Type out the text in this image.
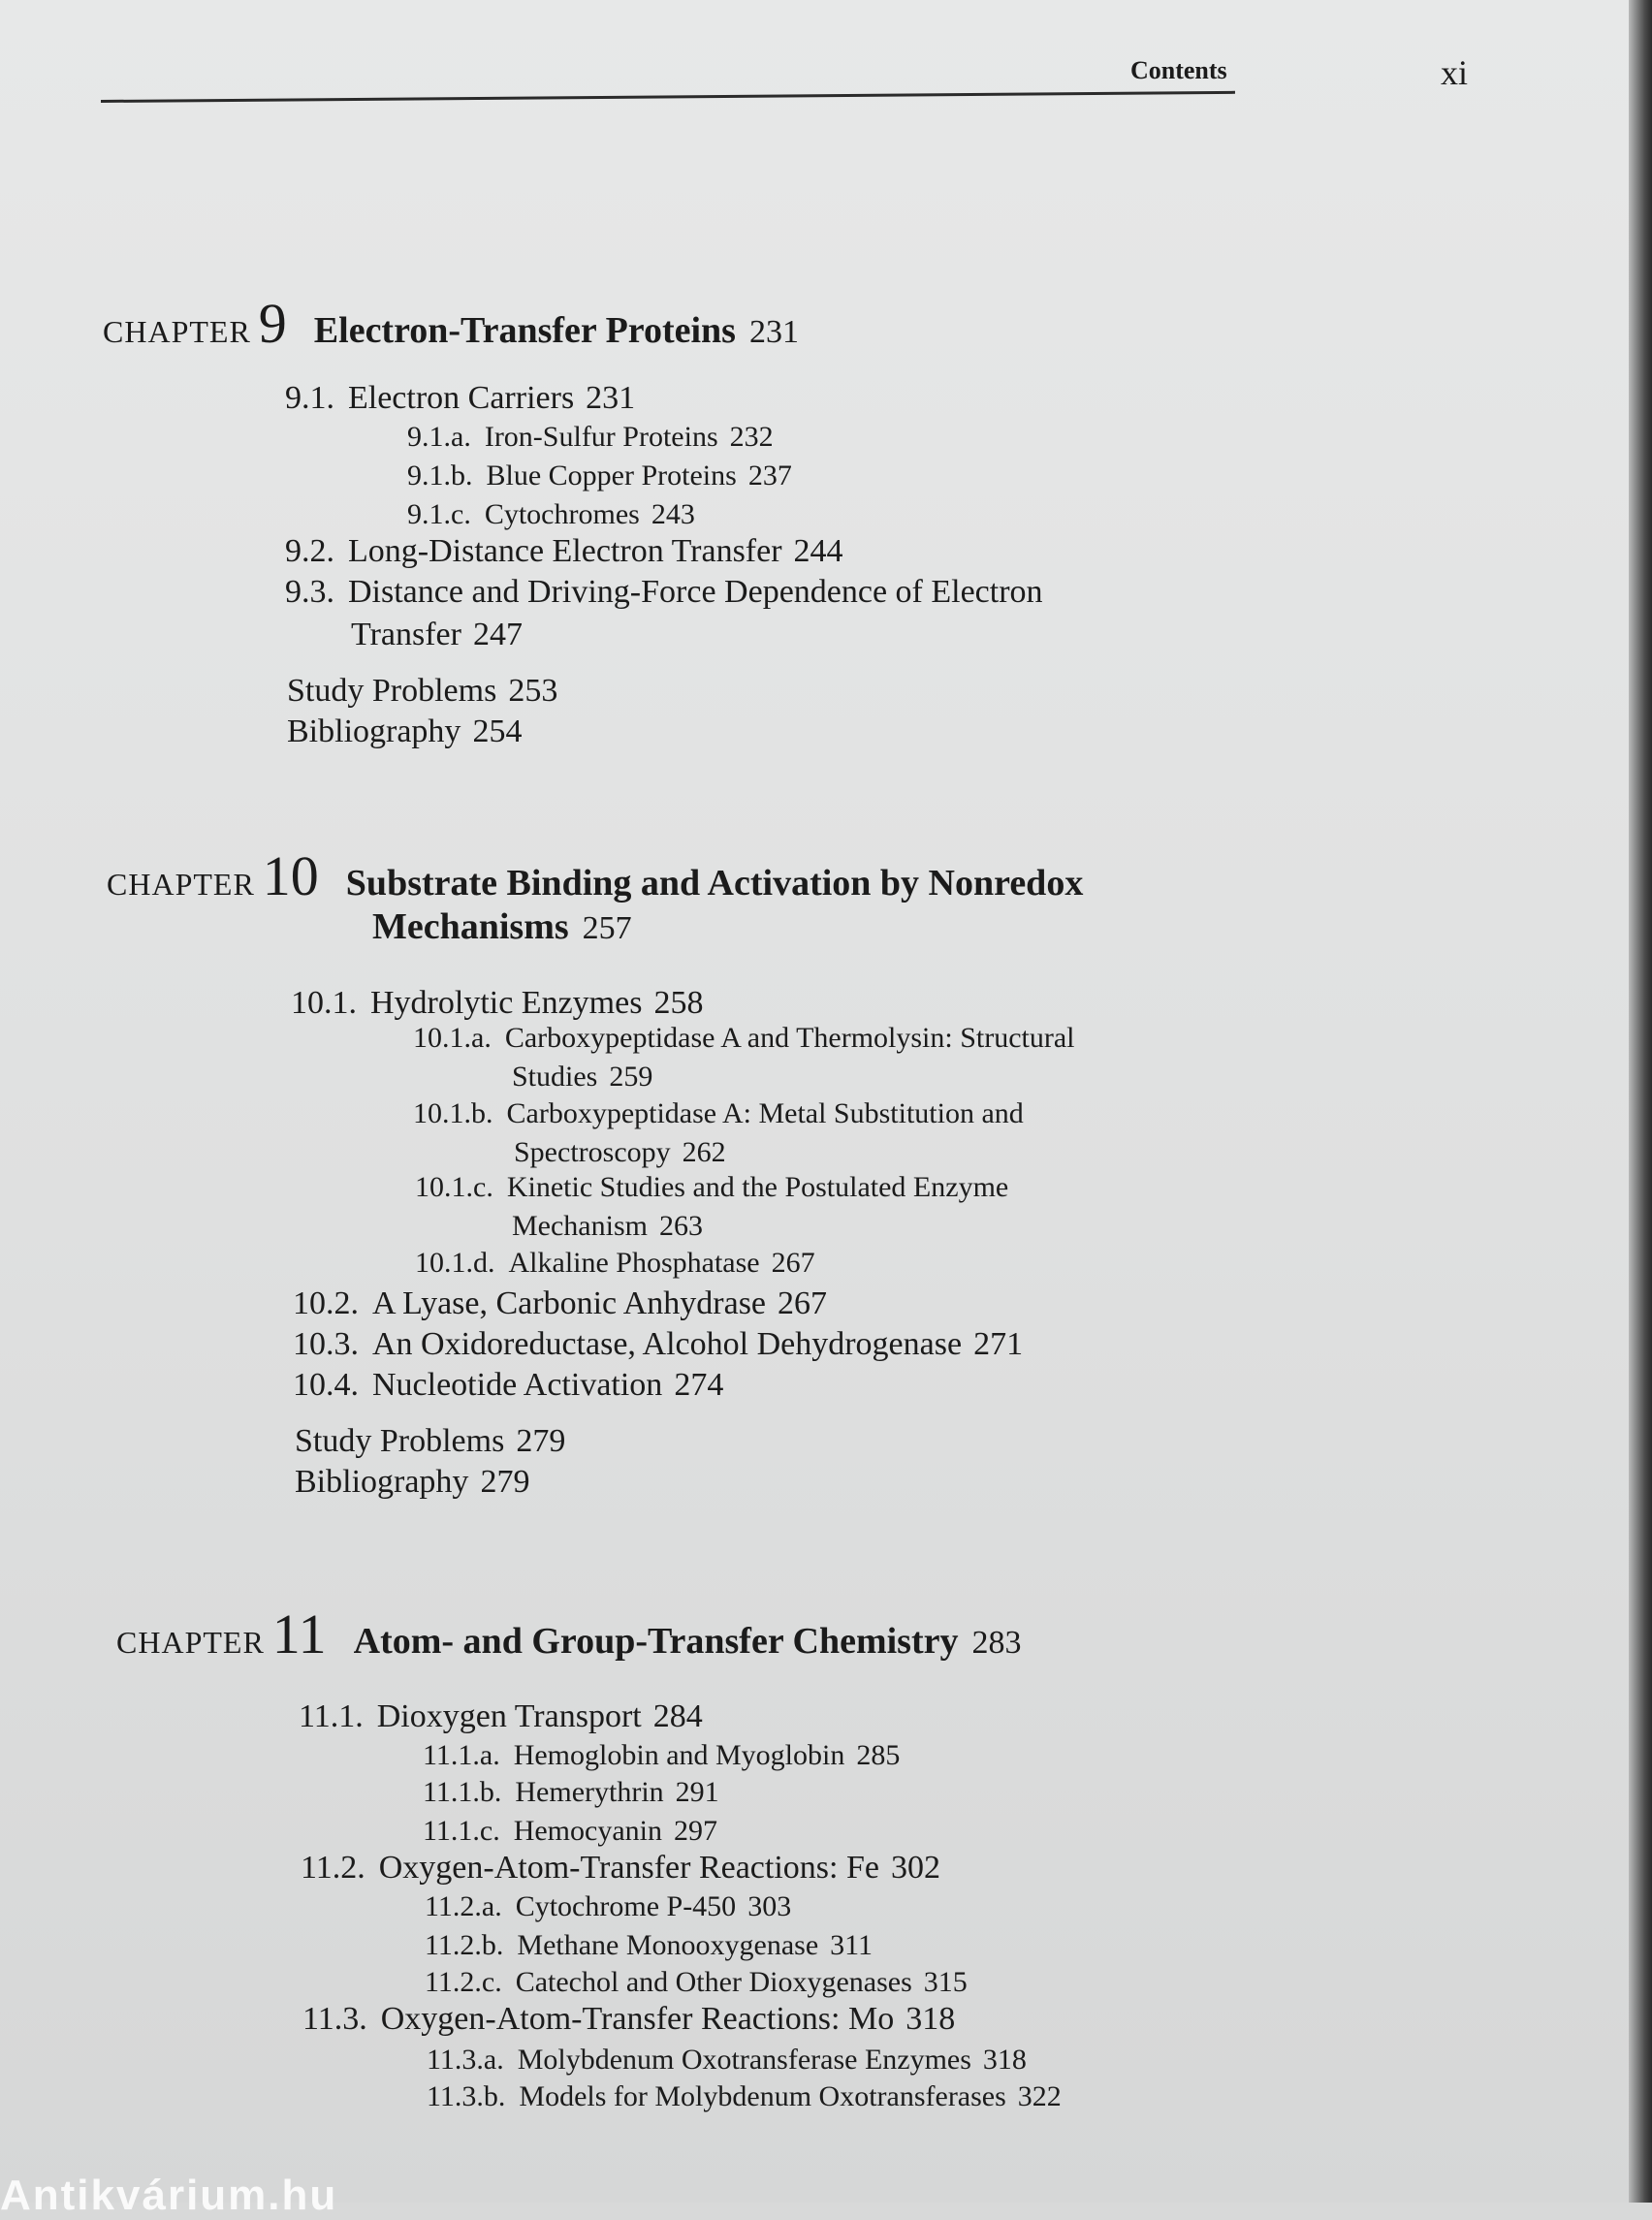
Contents	xi
CHAPTER 9 Electron-Transfer Proteins 231
9.1. Electron Carriers 231
9.1.a. Iron-Sulfur Proteins 232
9.1.b. Blue Copper Proteins 237
9.1.c. Cytochromes 243
9.2. Long-Distance Electron Transfer 244
9.3. Distance and Driving-Force Dependence of Electron
Transfer 247
Study Problems 253
Bibliography 254
CHAPTER 10 Substrate Binding and Activation by Nonredox
Mechanisms 257
10.1. Hydrolytic Enzymes 258
10.1.a. Carboxypeptidase A and Thermolysin: Structural
Studies 259
10.1.b. Carboxypeptidase A: Metal Substitution and
Spectroscopy 262
10.1.c. Kinetic Studies and the Postulated Enzyme
Mechanism 263
10.1.d. Alkaline Phosphatase 267
10.2. A Lyase, Carbonic Anhydrase 267
10.3. An Oxidoreductase, Alcohol Dehydrogenase 271
10.4. Nucleotide Activation 274
Study Problems 279
Bibliography 279
CHAPTER 11 Atom- and Group-Transfer Chemistry 283
11.1. Dioxygen Transport 284
11.1.a. Hemoglobin and Myoglobin 285
11.1.b. Hemerythrin 291
11.1.c. Hemocyanin 297
11.2. Oxygen-Atom-Transfer Reactions: Fe 302
11.2.a. Cytochrome P-450 303
11.2.b. Methane Monooxygenase 311
11.2.c. Catechol and Other Dioxygenases 315
11.3. Oxygen-Atom-Transfer Reactions: Mo 318
11.3.a. Molybdenum Oxotransferase Enzymes 318
11.3.b. Models for Molybdenum Oxotransferases 322
Antikvárium.hu
